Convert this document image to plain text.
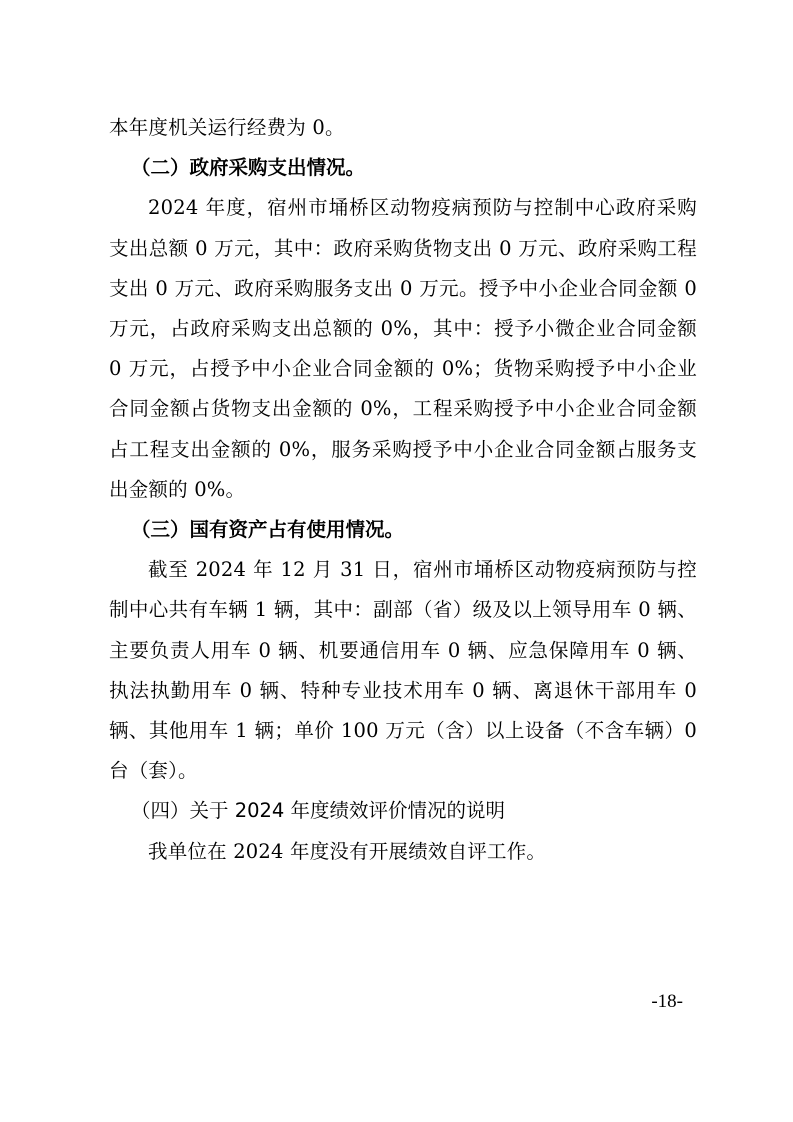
本年度机关运行经费为 0。

（二）政府采购支出情况。

2024 年度，宿州市埇桥区动物疫病预防与控制中心政府采购支出总额 0 万元，其中：政府采购货物支出 0 万元、政府采购工程支出 0 万元、政府采购服务支出 0 万元。授予中小企业合同金额 0 万元，占政府采购支出总额的 0%，其中：授予小微企业合同金额 0 万元，占授予中小企业合同金额的 0%；货物采购授予中小企业合同金额占货物支出金额的 0%，工程采购授予中小企业合同金额占工程支出金额的 0%，服务采购授予中小企业合同金额占服务支出金额的 0%。

（三）国有资产占有使用情况。

截至 2024 年 12 月 31 日，宿州市埇桥区动物疫病预防与控制中心共有车辆 1 辆，其中：副部（省）级及以上领导用车 0 辆、主要负责人用车 0 辆、机要通信用车 0 辆、应急保障用车 0 辆、执法执勤用车 0 辆、特种专业技术用车 0 辆、离退休干部用车 0 辆、其他用车 1 辆；单价 100 万元（含）以上设备（不含车辆）0 台（套）。

（四）关于 2024 年度绩效评价情况的说明

我单位在 2024 年度没有开展绩效自评工作。

-18-
